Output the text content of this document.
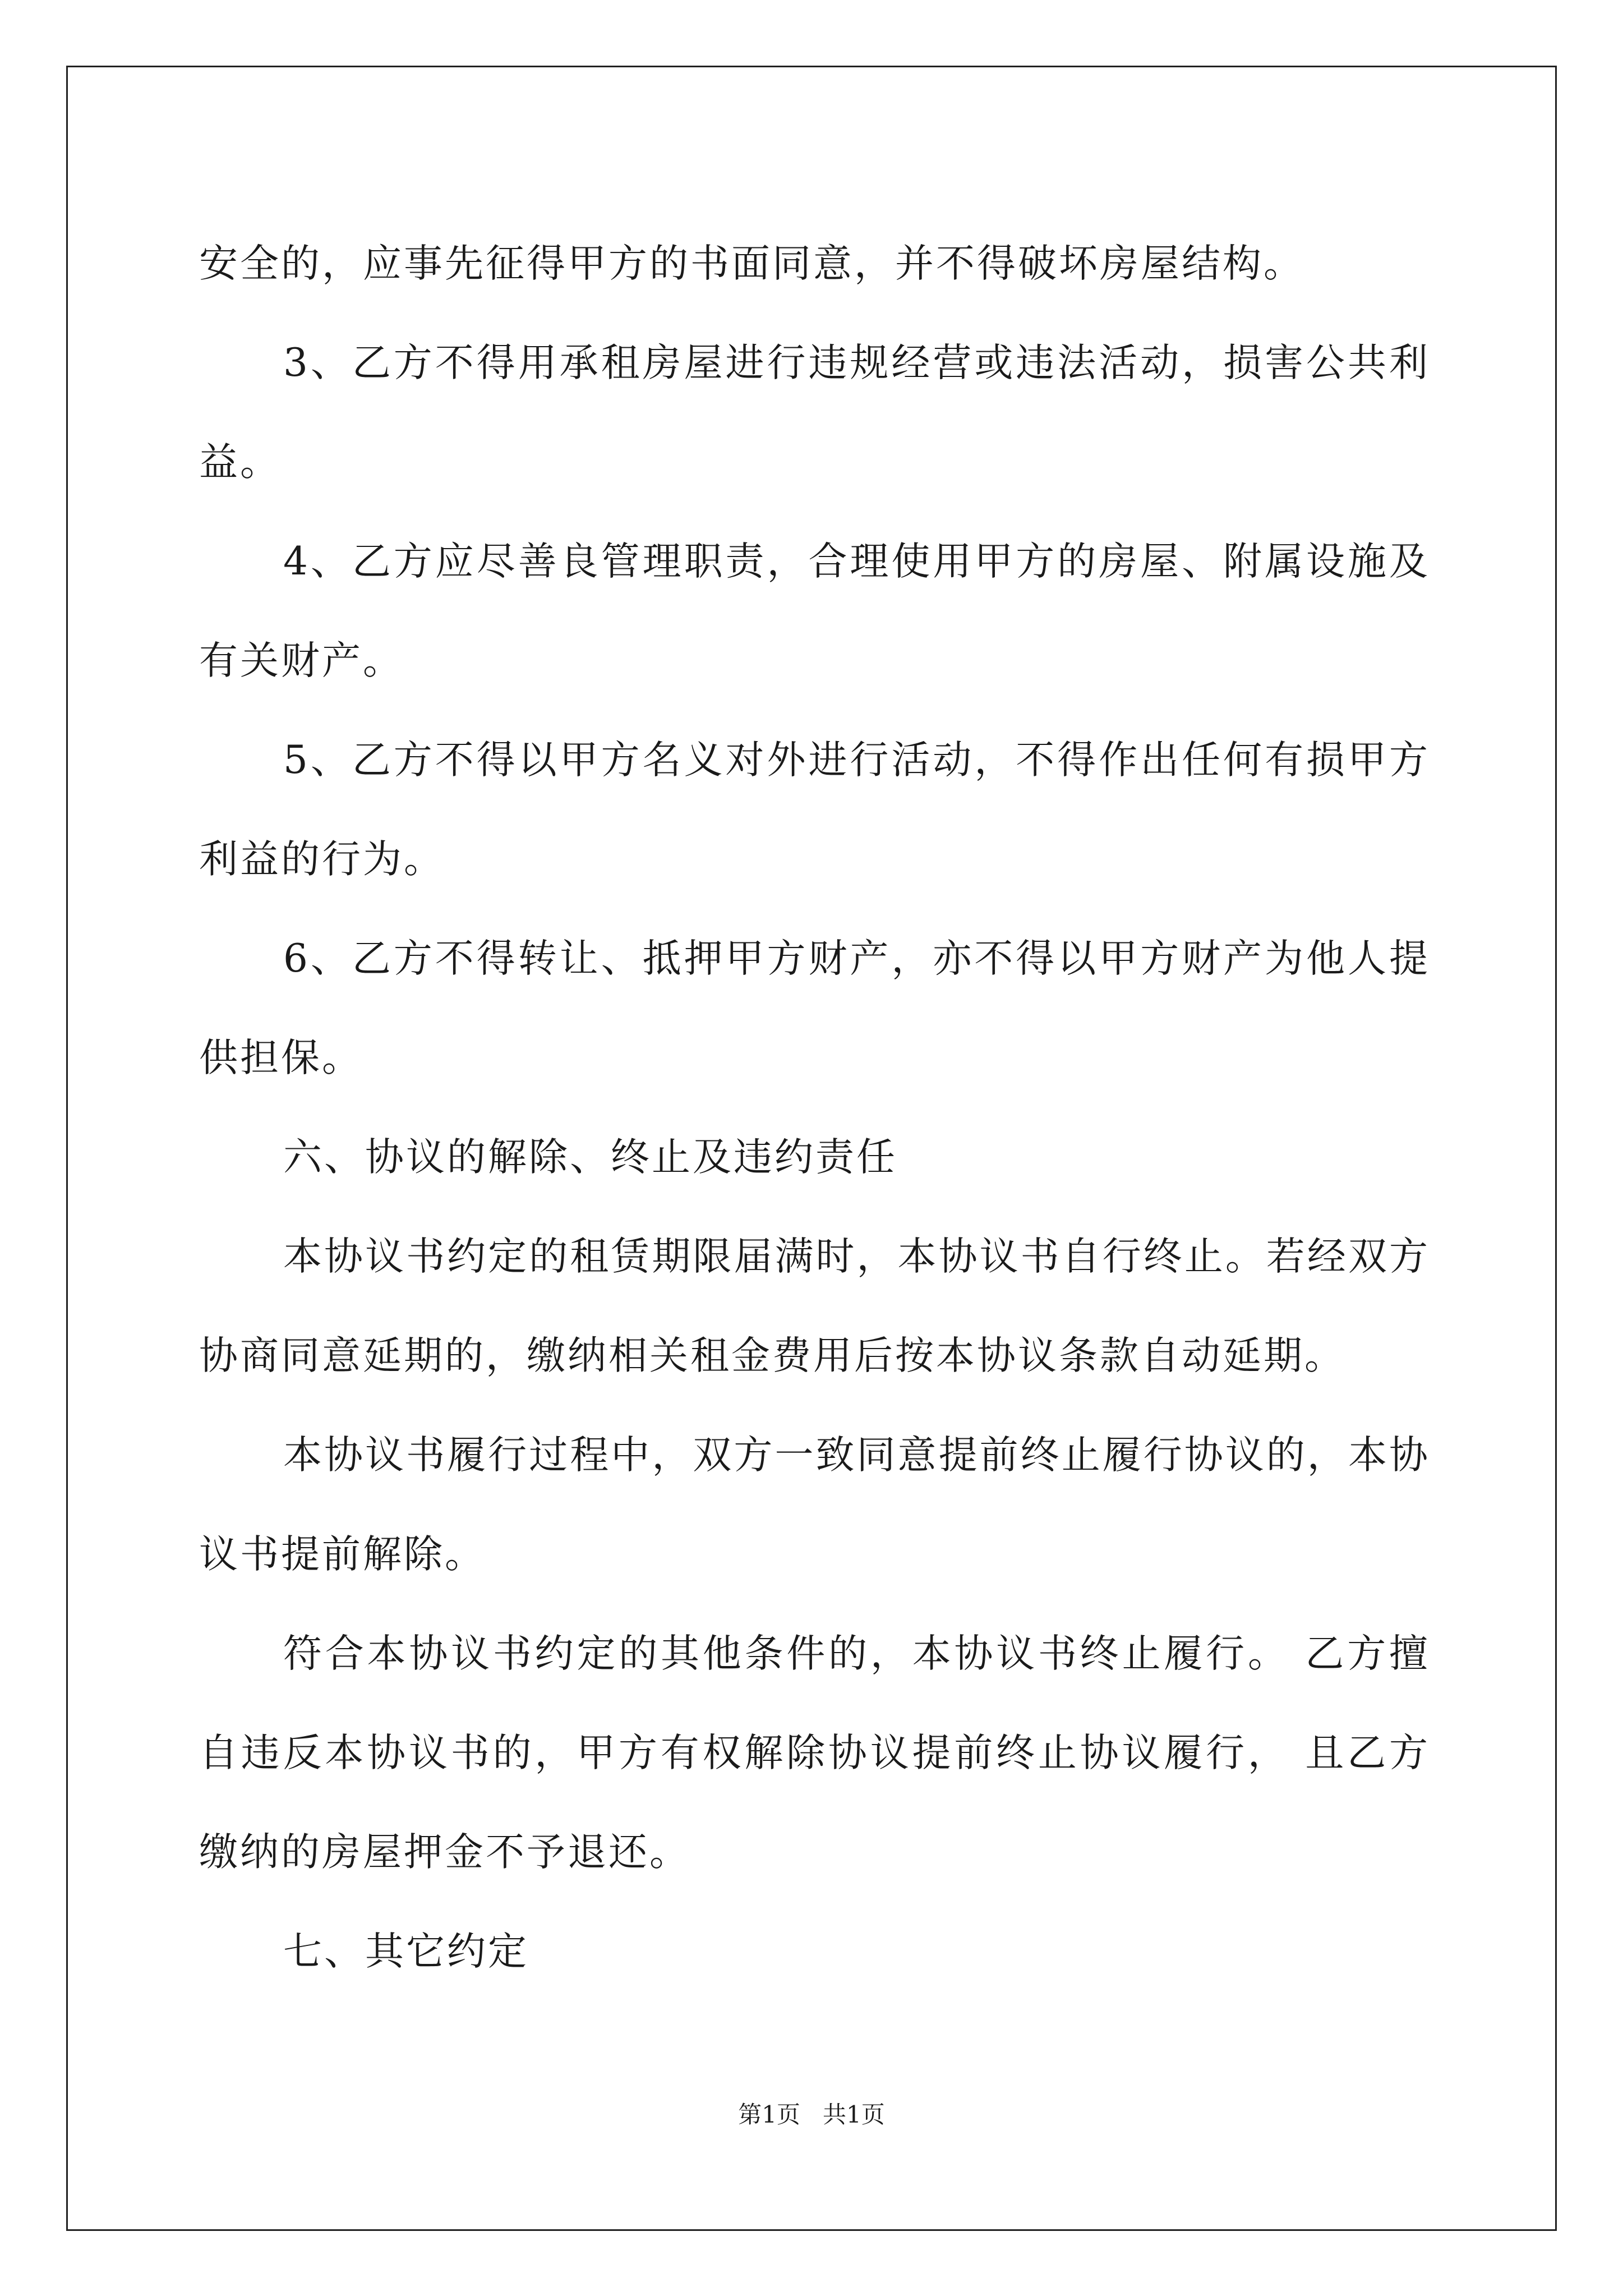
安全的，应事先征得甲方的书面同意，并不得破坏房屋结构。

3、乙方不得用承租房屋进行违规经营或违法活动，损害公共利益。

4、乙方应尽善良管理职责，合理使用甲方的房屋、附属设施及有关财产。

5、乙方不得以甲方名义对外进行活动，不得作出任何有损甲方利益的行为。

6、乙方不得转让、抵押甲方财产，亦不得以甲方财产为他人提供担保。

六、协议的解除、终止及违约责任

本协议书约定的租赁期限届满时，本协议书自行终止。若经双方协商同意延期的，缴纳相关租金费用后按本协议条款自动延期。

本协议书履行过程中，双方一致同意提前终止履行协议的，本协议书提前解除。

符合本协议书约定的其他条件的，本协议书终止履行。 乙方擅自违反本协议书的，甲方有权解除协议提前终止协议履行， 且乙方缴纳的房屋押金不予退还。

七、其它约定

第1页 共1页
